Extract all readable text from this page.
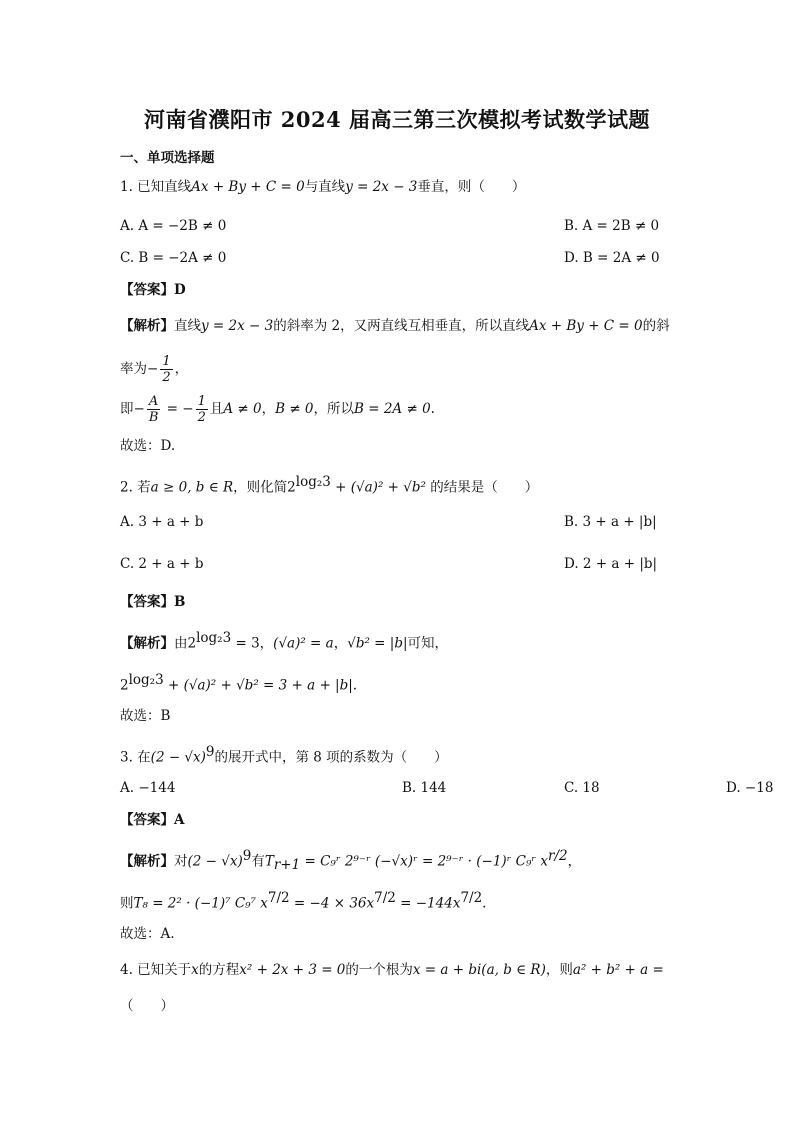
河南省濮阳市 2024 届高三第三次模拟考试数学试题
一、单项选择题
1. 已知直线Ax + By + C = 0与直线y = 2x − 3垂直，则（　　）
A. A = −2B ≠ 0	B. A = 2B ≠ 0
C. B = −2A ≠ 0	D. B = 2A ≠ 0
【答案】D
【解析】直线y = 2x − 3的斜率为 2，又两直线互相垂直，所以直线Ax + By + C = 0的斜
率为− $\frac{1}{2}$ ，
即− $\frac{A}{B}$ = − $\frac{1}{2}$ 且A ≠ 0，B ≠ 0，所以B = 2A ≠ 0.
故选：D.
2. 若a ≥ 0, b ∈ R，则化简$2^{log_23} + (√a)^2 + √b^2$ 的结果是（　　）
A. 3 + a + b	B. 3 + a + |b|
C. 2 + a + b	D. 2 + a + |b|
【答案】B
【解析】由$2^{log_23} = 3$，(√a)² = a，√b² = |b|可知，
$2^{log_23} + (√a)^2 + √b^2 = 3 + a + |b|$.
故选：B
3. 在$(2 - √x)^9$的展开式中，第 8 项的系数为（　　）
A. −144	B. 144	C. 18	D. −18
【答案】A
【解析】对$(2 - √x)^9$有$T_{r+1}$ = C₉ʳ 2⁹⁻ʳ (−√x)ʳ = 2⁹⁻ʳ · (−1)ʳ C₉ʳ $x^{r/2}$，
则T₈ = 2² · (−1)⁷ C₉⁷ $x^{7/2} = -4 \times 36x^{7/2} = -144x^{7/2}$.
故选：A.
4. 已知关于x的方程x² + 2x + 3 = 0的一个根为x = a + bi(a, b ∈ R)，则a² + b² + a =
（　　）
